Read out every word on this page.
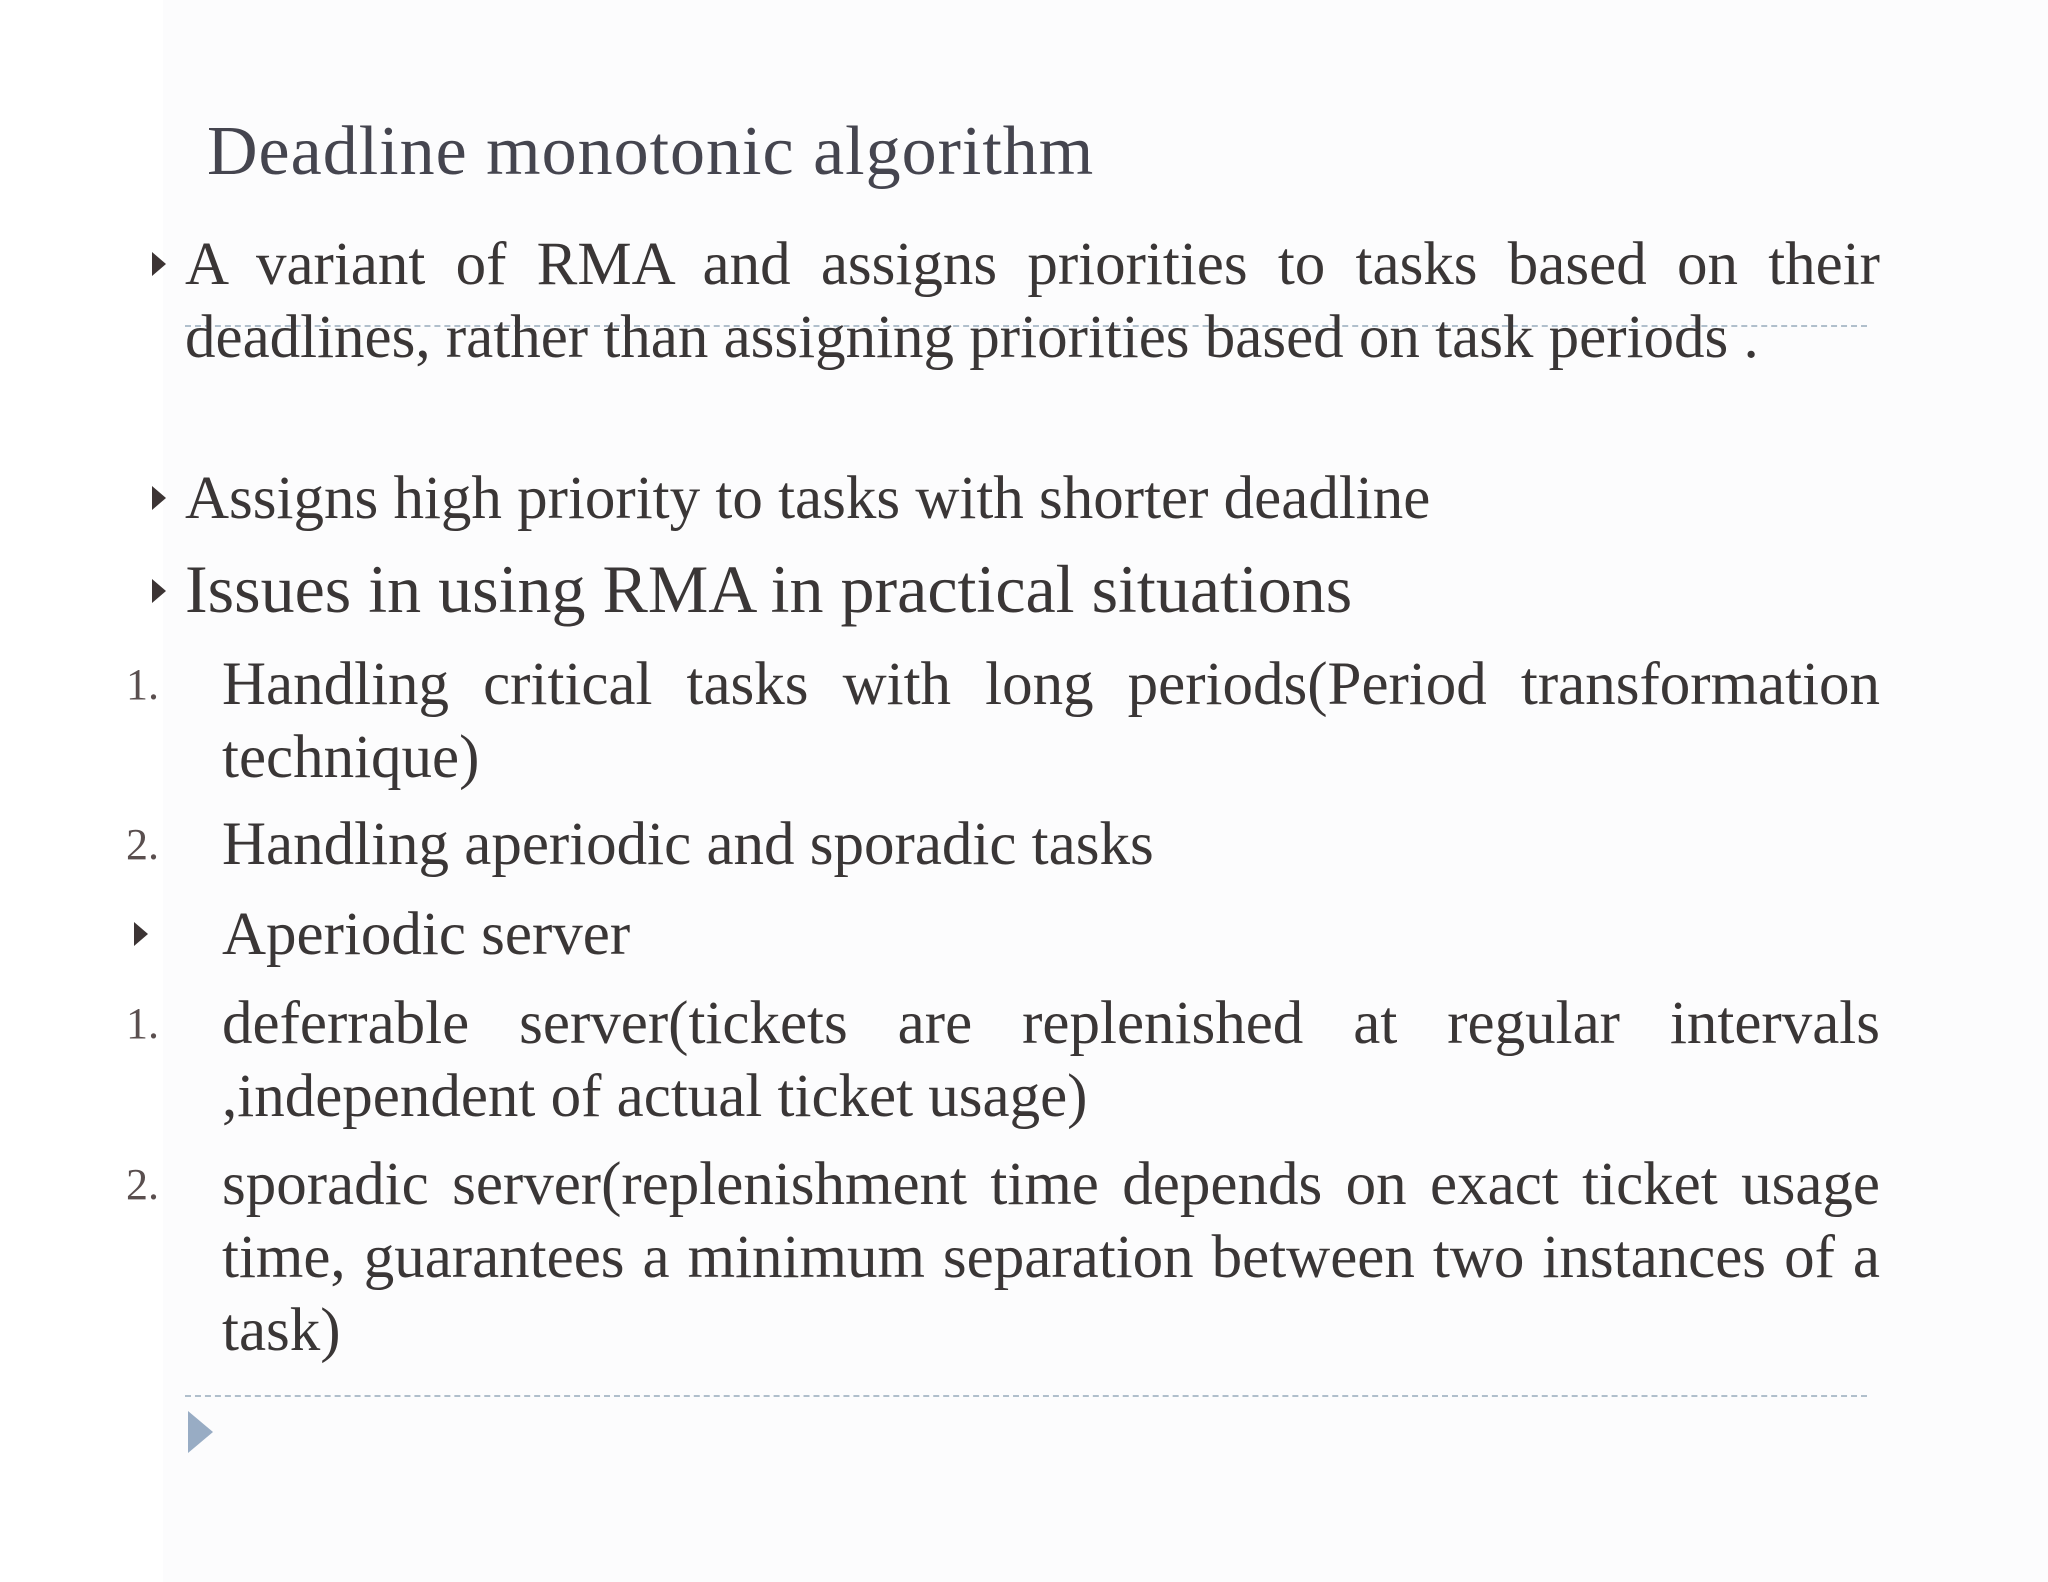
Deadline monotonic algorithm
A variant of RMA and assigns priorities to tasks based on their deadlines, rather than assigning priorities based on task periods .
Assigns high priority to tasks with shorter deadline
Issues in using RMA in practical situations
1. Handling critical tasks with long periods(Period transformation technique)
2. Handling aperiodic and sporadic tasks
Aperiodic server
1. deferrable server(tickets are replenished at regular intervals ,independent of actual ticket usage)
2. sporadic server(replenishment time depends on exact ticket usage time, guarantees a minimum separation between two instances of a task)
